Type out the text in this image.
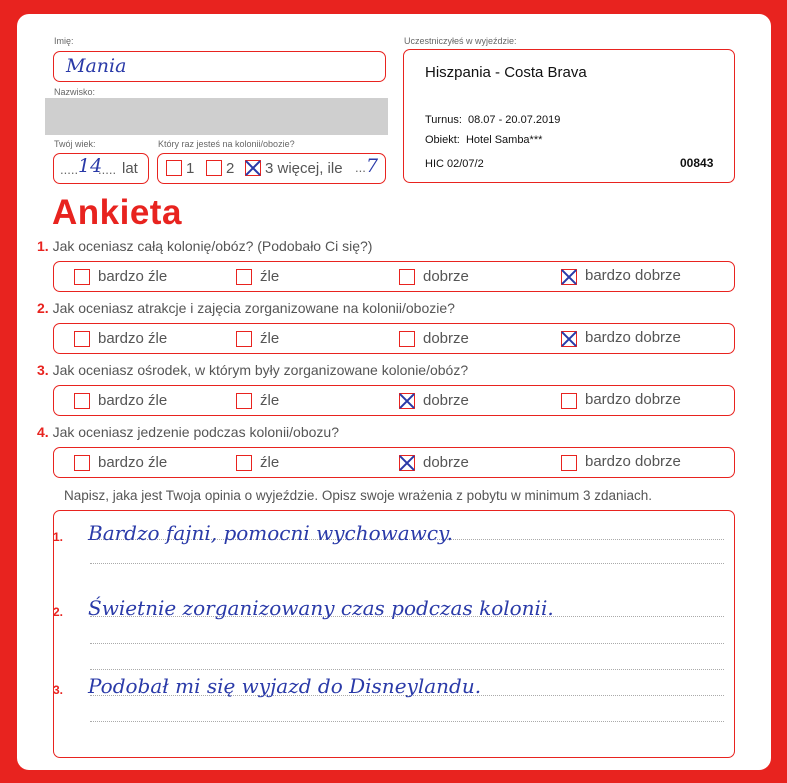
Imię:
Mania
Nazwisko:
Twój wiek:
..... 14
..... lat
Który raz jesteś na kolonii/obozie?
1 2 3 więcej, ile ... 7
Uczestniczyłeś w wyjeździe:
Hiszpania - Costa Brava
Turnus:  08.07 - 20.07.2019
Obiekt:  Hotel Samba***
HIC 02/07/2	00843
Ankieta
1. Jak oceniasz całą kolonię/obóz? (Podobało Ci się?)
bardzo źle	źle	dobrze	bardzo dobrze
2. Jak oceniasz atrakcje i zajęcia zorganizowane na kolonii/obozie?
bardzo źle	źle	dobrze	bardzo dobrze
3. Jak oceniasz ośrodek, w którym były zorganizowane kolonie/obóz?
bardzo źle	źle	dobrze	bardzo dobrze
4. Jak oceniasz jedzenie podczas kolonii/obozu?
bardzo źle	źle	dobrze	bardzo dobrze
Napisz, jaka jest Twoja opinia o wyjeździe. Opisz swoje wrażenia z pobytu w minimum 3 zdaniach.
1. Bardzo fajni, pomocni wychowawcy.
2. Świetnie zorganizowany czas podczas kolonii.
3. Podobał mi się wyjazd do Disneylandu.
